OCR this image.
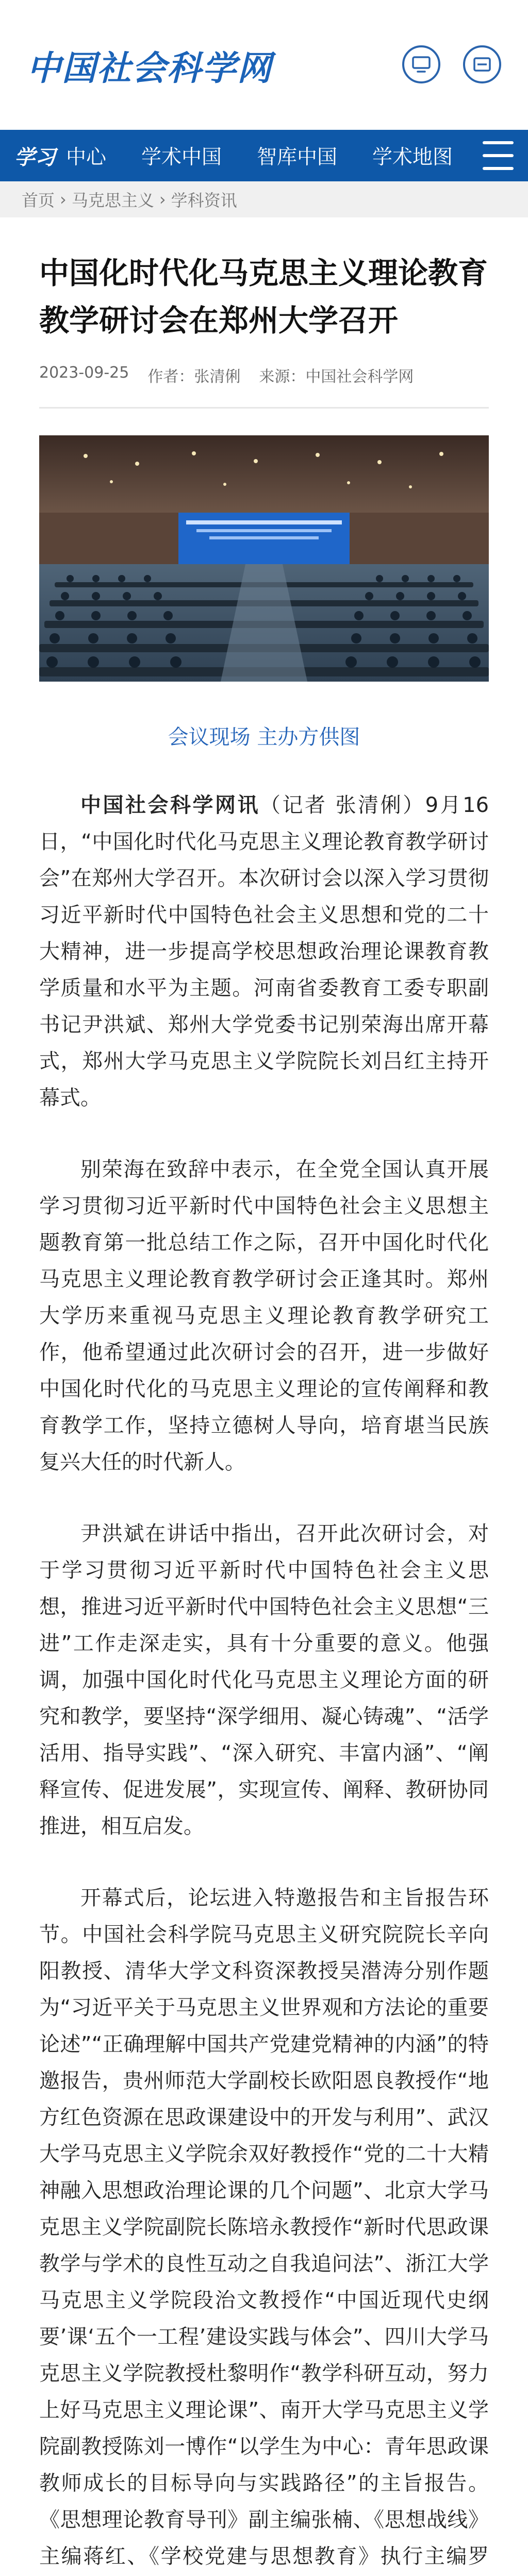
中国社会科学网
学习 中心	学术中国	智库中国	学术地图
首页 › 马克思主义 › 学科资讯
中国化时代化马克思主义理论教育教学研讨会在郑州大学召开
2023-09-25 作者：张清俐 来源：中国社会科学网
会议现场 主办方供图

中国社会科学网讯（记者 张清俐）9月16日，“中国化时代化马克思主义理论教育教学研讨会”在郑州大学召开。本次研讨会以深入学习贯彻习近平新时代中国特色社会主义思想和党的二十大精神，进一步提高学校思想政治理论课教育教学质量和水平为主题。河南省委教育工委专职副书记尹洪斌、郑州大学党委书记别荣海出席开幕式，郑州大学马克思主义学院院长刘吕红主持开幕式。

别荣海在致辞中表示，在全党全国认真开展学习贯彻习近平新时代中国特色社会主义思想主题教育第一批总结工作之际，召开中国化时代化马克思主义理论教育教学研讨会正逢其时。郑州大学历来重视马克思主义理论教育教学研究工作，他希望通过此次研讨会的召开，进一步做好中国化时代化的马克思主义理论的宣传阐释和教育教学工作，坚持立德树人导向，培育堪当民族复兴大任的时代新人。

尹洪斌在讲话中指出，召开此次研讨会，对于学习贯彻习近平新时代中国特色社会主义思想，推进习近平新时代中国特色社会主义思想“三进”工作走深走实，具有十分重要的意义。他强调，加强中国化时代化马克思主义理论方面的研究和教学，要坚持“深学细用、凝心铸魂”、“活学活用、指导实践”、“深入研究、丰富内涵”、“阐释宣传、促进发展”，实现宣传、阐释、教研协同推进，相互启发。

开幕式后，论坛进入特邀报告和主旨报告环节。中国社会科学院马克思主义研究院院长辛向阳教授、清华大学文科资深教授吴潜涛分别作题为“习近平关于马克思主义世界观和方法论的重要论述”“正确理解中国共产党建党精神的内涵”的特邀报告，贵州师范大学副校长欧阳恩良教授作“地方红色资源在思政课建设中的开发与利用”、武汉大学马克思主义学院余双好教授作“党的二十大精神融入思想政治理论课的几个问题”、北京大学马克思主义学院副院长陈培永教授作“新时代思政课教学与学术的良性互动之自我追问法”、浙江大学马克思主义学院段治文教授作“中国近现代史纲要’课‘五个一工程’建设实践与体会”、四川大学马克思主义学院教授杜黎明作“教学科研互动，努力上好马克思主义理论课”、南开大学马克思主义学院副教授陈刘一博作“以学生为中心：青年思政课教师成长的目标导向与实践路径”的主旨报告。《思想理论教育导刊》副主编张楠、《思想战线》主编蒋红、《学校党建与思想教育》执行主编罗
